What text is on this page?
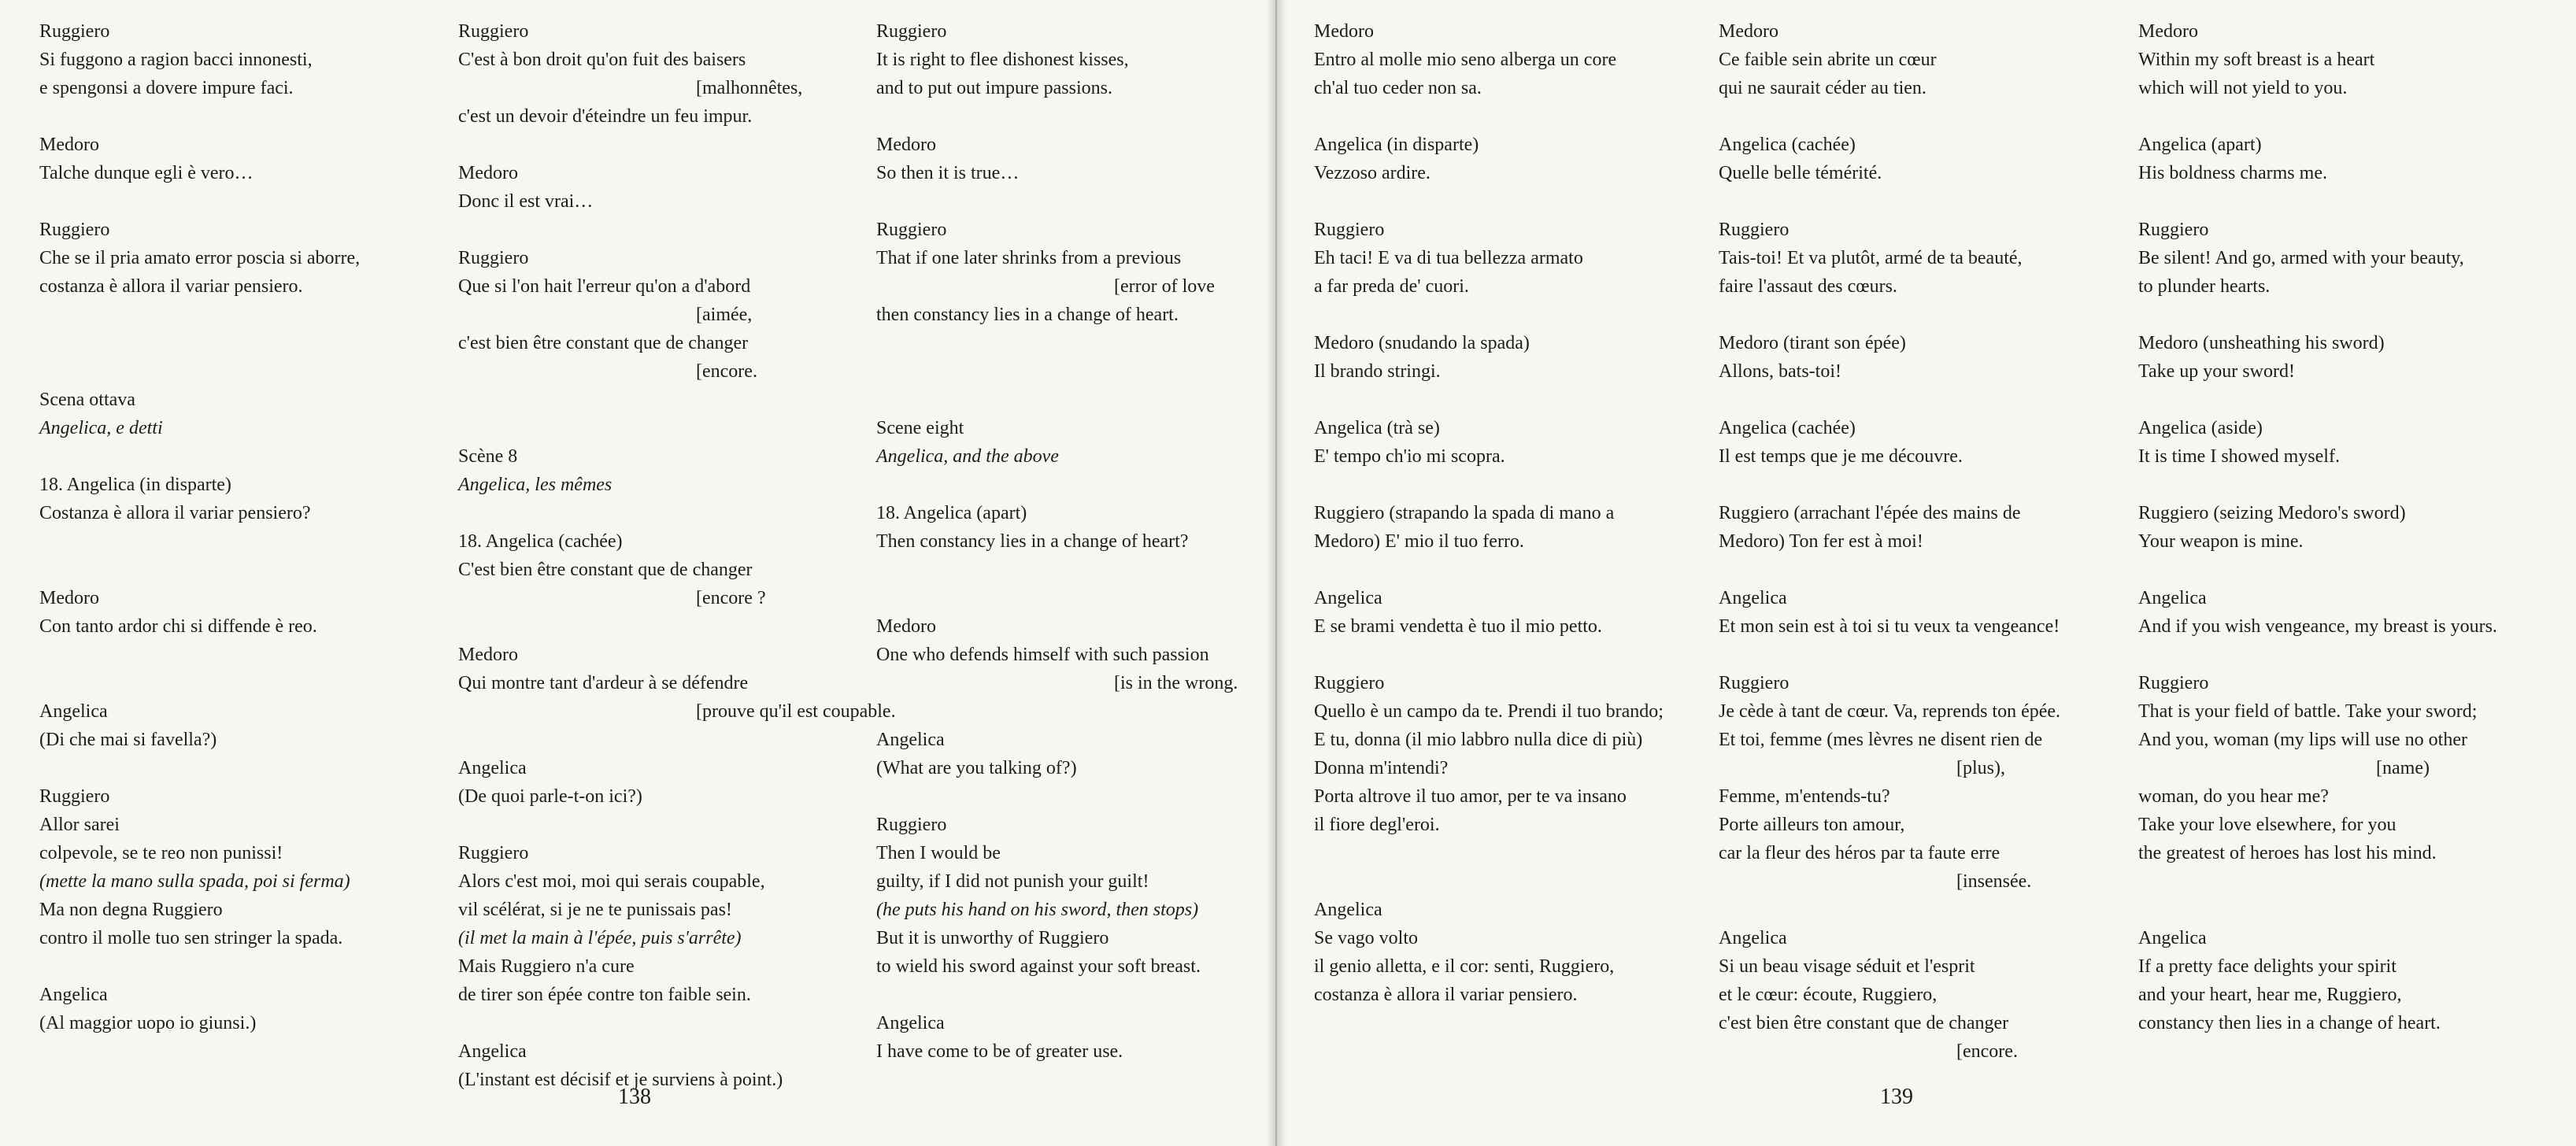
Ruggiero
Si fuggono a ragion bacci innonesti,
e spengonsi a dovere impure faci.
Medoro
Talche dunque egli è vero…
Ruggiero
Che se il pria amato error poscia si aborre,
costanza è allora il variar pensiero.
Scena ottava
Angelica, e detti
18. Angelica (in disparte)
Costanza è allora il variar pensiero?
Medoro
Con tanto ardor chi si diffende è reo.
Angelica
(Di che mai si favella?)
Ruggiero
Allor sarei
colpevole, se te reo non punissi!
(mette la mano sulla spada, poi si ferma)
Ma non degna Ruggiero
contro il molle tuo sen stringer la spada.
Angelica
(Al maggior uopo io giunsi.)
Ruggiero
C'est à bon droit qu'on fuit des baisers
[malhonnêtes,
c'est un devoir d'éteindre un feu impur.
Medoro
Donc il est vrai…
Ruggiero
Que si l'on hait l'erreur qu'on a d'abord
[aimée,
c'est bien être constant que de changer
[encore.
Scène 8
Angelica, les mêmes
18. Angelica (cachée)
C'est bien être constant que de changer
[encore ?
Medoro
Qui montre tant d'ardeur à se défendre
[prouve qu'il est coupable.
Angelica
(De quoi parle-t-on ici?)
Ruggiero
Alors c'est moi, moi qui serais coupable,
vil scélérat, si je ne te punissais pas!
(il met la main à l'épée, puis s'arrête)
Mais Ruggiero n'a cure
de tirer son épée contre ton faible sein.
Angelica
(L'instant est décisif et je surviens à point.)
Ruggiero
It is right to flee dishonest kisses,
and to put out impure passions.
Medoro
So then it is true…
Ruggiero
That if one later shrinks from a previous
[error of love
then constancy lies in a change of heart.
Scene eight
Angelica, and the above
18. Angelica (apart)
Then constancy lies in a change of heart?
Medoro
One who defends himself with such passion
[is in the wrong.
Angelica
(What are you talking of?)
Ruggiero
Then I would be
guilty, if I did not punish your guilt!
(he puts his hand on his sword, then stops)
But it is unworthy of Ruggiero
to wield his sword against your soft breast.
Angelica
I have come to be of greater use.
138
Medoro
Entro al molle mio seno alberga un core
ch'al tuo ceder non sa.
Angelica (in disparte)
Vezzoso ardire.
Ruggiero
Eh taci! E va di tua bellezza armato
a far preda de' cuori.
Medoro (snudando la spada)
Il brando stringi.
Angelica (trà se)
E' tempo ch'io mi scopra.
Ruggiero (strapando la spada di mano a
Medoro) E' mio il tuo ferro.
Angelica
E se brami vendetta è tuo il mio petto.
Ruggiero
Quello è un campo da te. Prendi il tuo brando;
E tu, donna (il mio labbro nulla dice di più)
Donna m'intendi?
Porta altrove il tuo amor, per te va insano
il fiore degl'eroi.
Angelica
Se vago volto
il genio alletta, e il cor: senti, Ruggiero,
costanza è allora il variar pensiero.
Medoro
Ce faible sein abrite un cœur
qui ne saurait céder au tien.
Angelica (cachée)
Quelle belle témérité.
Ruggiero
Tais-toi! Et va plutôt, armé de ta beauté,
faire l'assaut des cœurs.
Medoro (tirant son épée)
Allons, bats-toi!
Angelica (cachée)
Il est temps que je me découvre.
Ruggiero (arrachant l'épée des mains de
Medoro) Ton fer est à moi!
Angelica
Et mon sein est à toi si tu veux ta vengeance!
Ruggiero
Je cède à tant de cœur. Va, reprends ton épée.
Et toi, femme (mes lèvres ne disent rien de
[plus),
Femme, m'entends-tu?
Porte ailleurs ton amour,
car la fleur des héros par ta faute erre
[insensée.
Angelica
Si un beau visage séduit et l'esprit
et le cœur: écoute, Ruggiero,
c'est bien être constant que de changer
[encore.
Medoro
Within my soft breast is a heart
which will not yield to you.
Angelica (apart)
His boldness charms me.
Ruggiero
Be silent! And go, armed with your beauty,
to plunder hearts.
Medoro (unsheathing his sword)
Take up your sword!
Angelica (aside)
It is time I showed myself.
Ruggiero (seizing Medoro's sword)
Your weapon is mine.
Angelica
And if you wish vengeance, my breast is yours.
Ruggiero
That is your field of battle. Take your sword;
And you, woman (my lips will use no other
[name)
woman, do you hear me?
Take your love elsewhere, for you
the greatest of heroes has lost his mind.
Angelica
If a pretty face delights your spirit
and your heart, hear me, Ruggiero,
constancy then lies in a change of heart.
139
